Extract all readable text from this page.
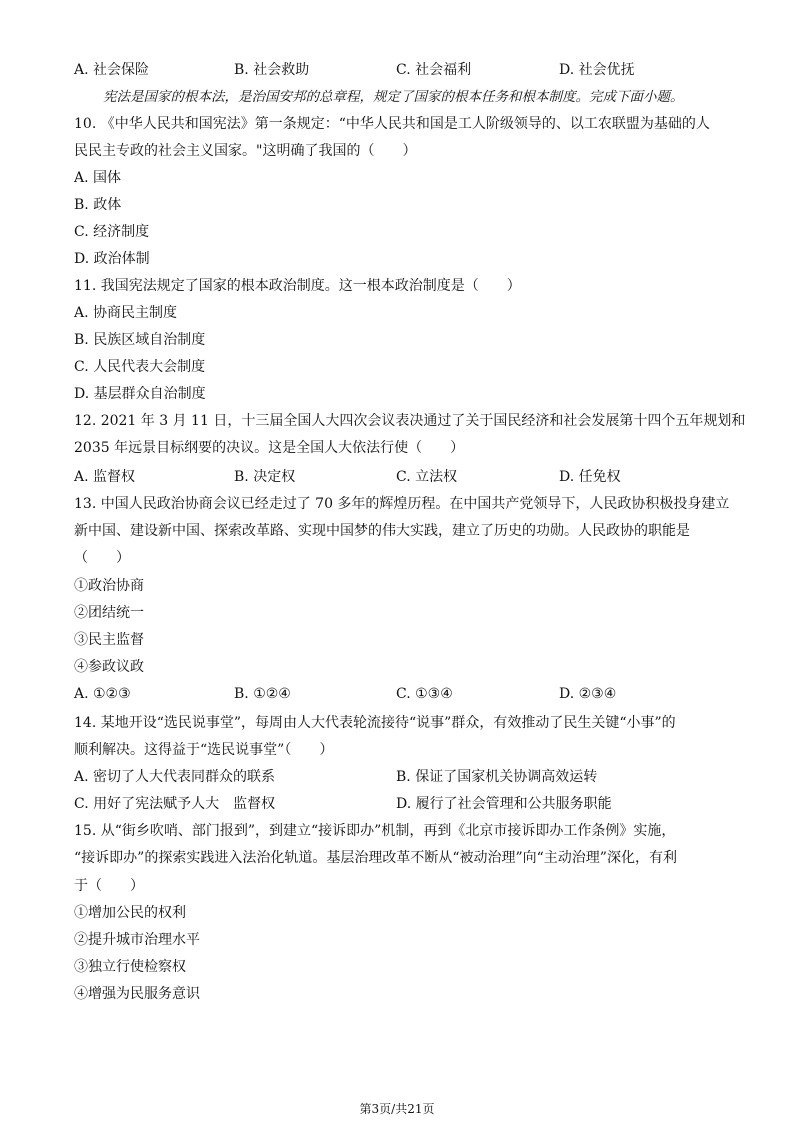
A. 社会保险	B. 社会救助	C. 社会福利	D. 社会优抚
宪法是国家的根本法，是治国安邦的总章程，规定了国家的根本任务和根本制度。完成下面小题。
10. 《中华人民共和国宪法》第一条规定：“中华人民共和国是工人阶级领导的、以工农联盟为基础的人
民民主专政的社会主义国家。"这明确了我国的（　　）
A. 国体
B. 政体
C. 经济制度
D. 政治体制
11. 我国宪法规定了国家的根本政治制度。这一根本政治制度是（　　）
A. 协商民主制度
B. 民族区域自治制度
C. 人民代表大会制度
D. 基层群众自治制度
12. 2021 年 3 月 11 日，十三届全国人大四次会议表决通过了关于国民经济和社会发展第十四个五年规划和
2035 年远景目标纲要的决议。这是全国人大依法行使（　　）
A. 监督权	B. 决定权	C. 立法权	D. 任免权
13. 中国人民政治协商会议已经走过了 70 多年的辉煌历程。在中国共产党领导下，人民政协积极投身建立
新中国、建设新中国、探索改革路、实现中国梦的伟大实践，建立了历史的功勋。人民政协的职能是
（　　）
①政治协商
②团结统一
③民主监督
④参政议政
A. ①②③	B. ①②④	C. ①③④	D. ②③④
14. 某地开设“选民说事堂”，每周由人大代表轮流接待“说事”群众，有效推动了民生关键“小事”的
顺利解决。这得益于“选民说事堂”（　　）
A. 密切了人大代表同群众的联系	B. 保证了国家机关协调高效运转
C. 用好了宪法赋予人大　监督权	D. 履行了社会管理和公共服务职能
15. 从“街乡吹哨、部门报到”，到建立“接诉即办”机制，再到《北京市接诉即办工作条例》实施，
“接诉即办”的探索实践进入法治化轨道。基层治理改革不断从“被动治理”向“主动治理”深化，有利
于（　　）
①增加公民的权利
②提升城市治理水平
③独立行使检察权
④增强为民服务意识
第3页/共21页
